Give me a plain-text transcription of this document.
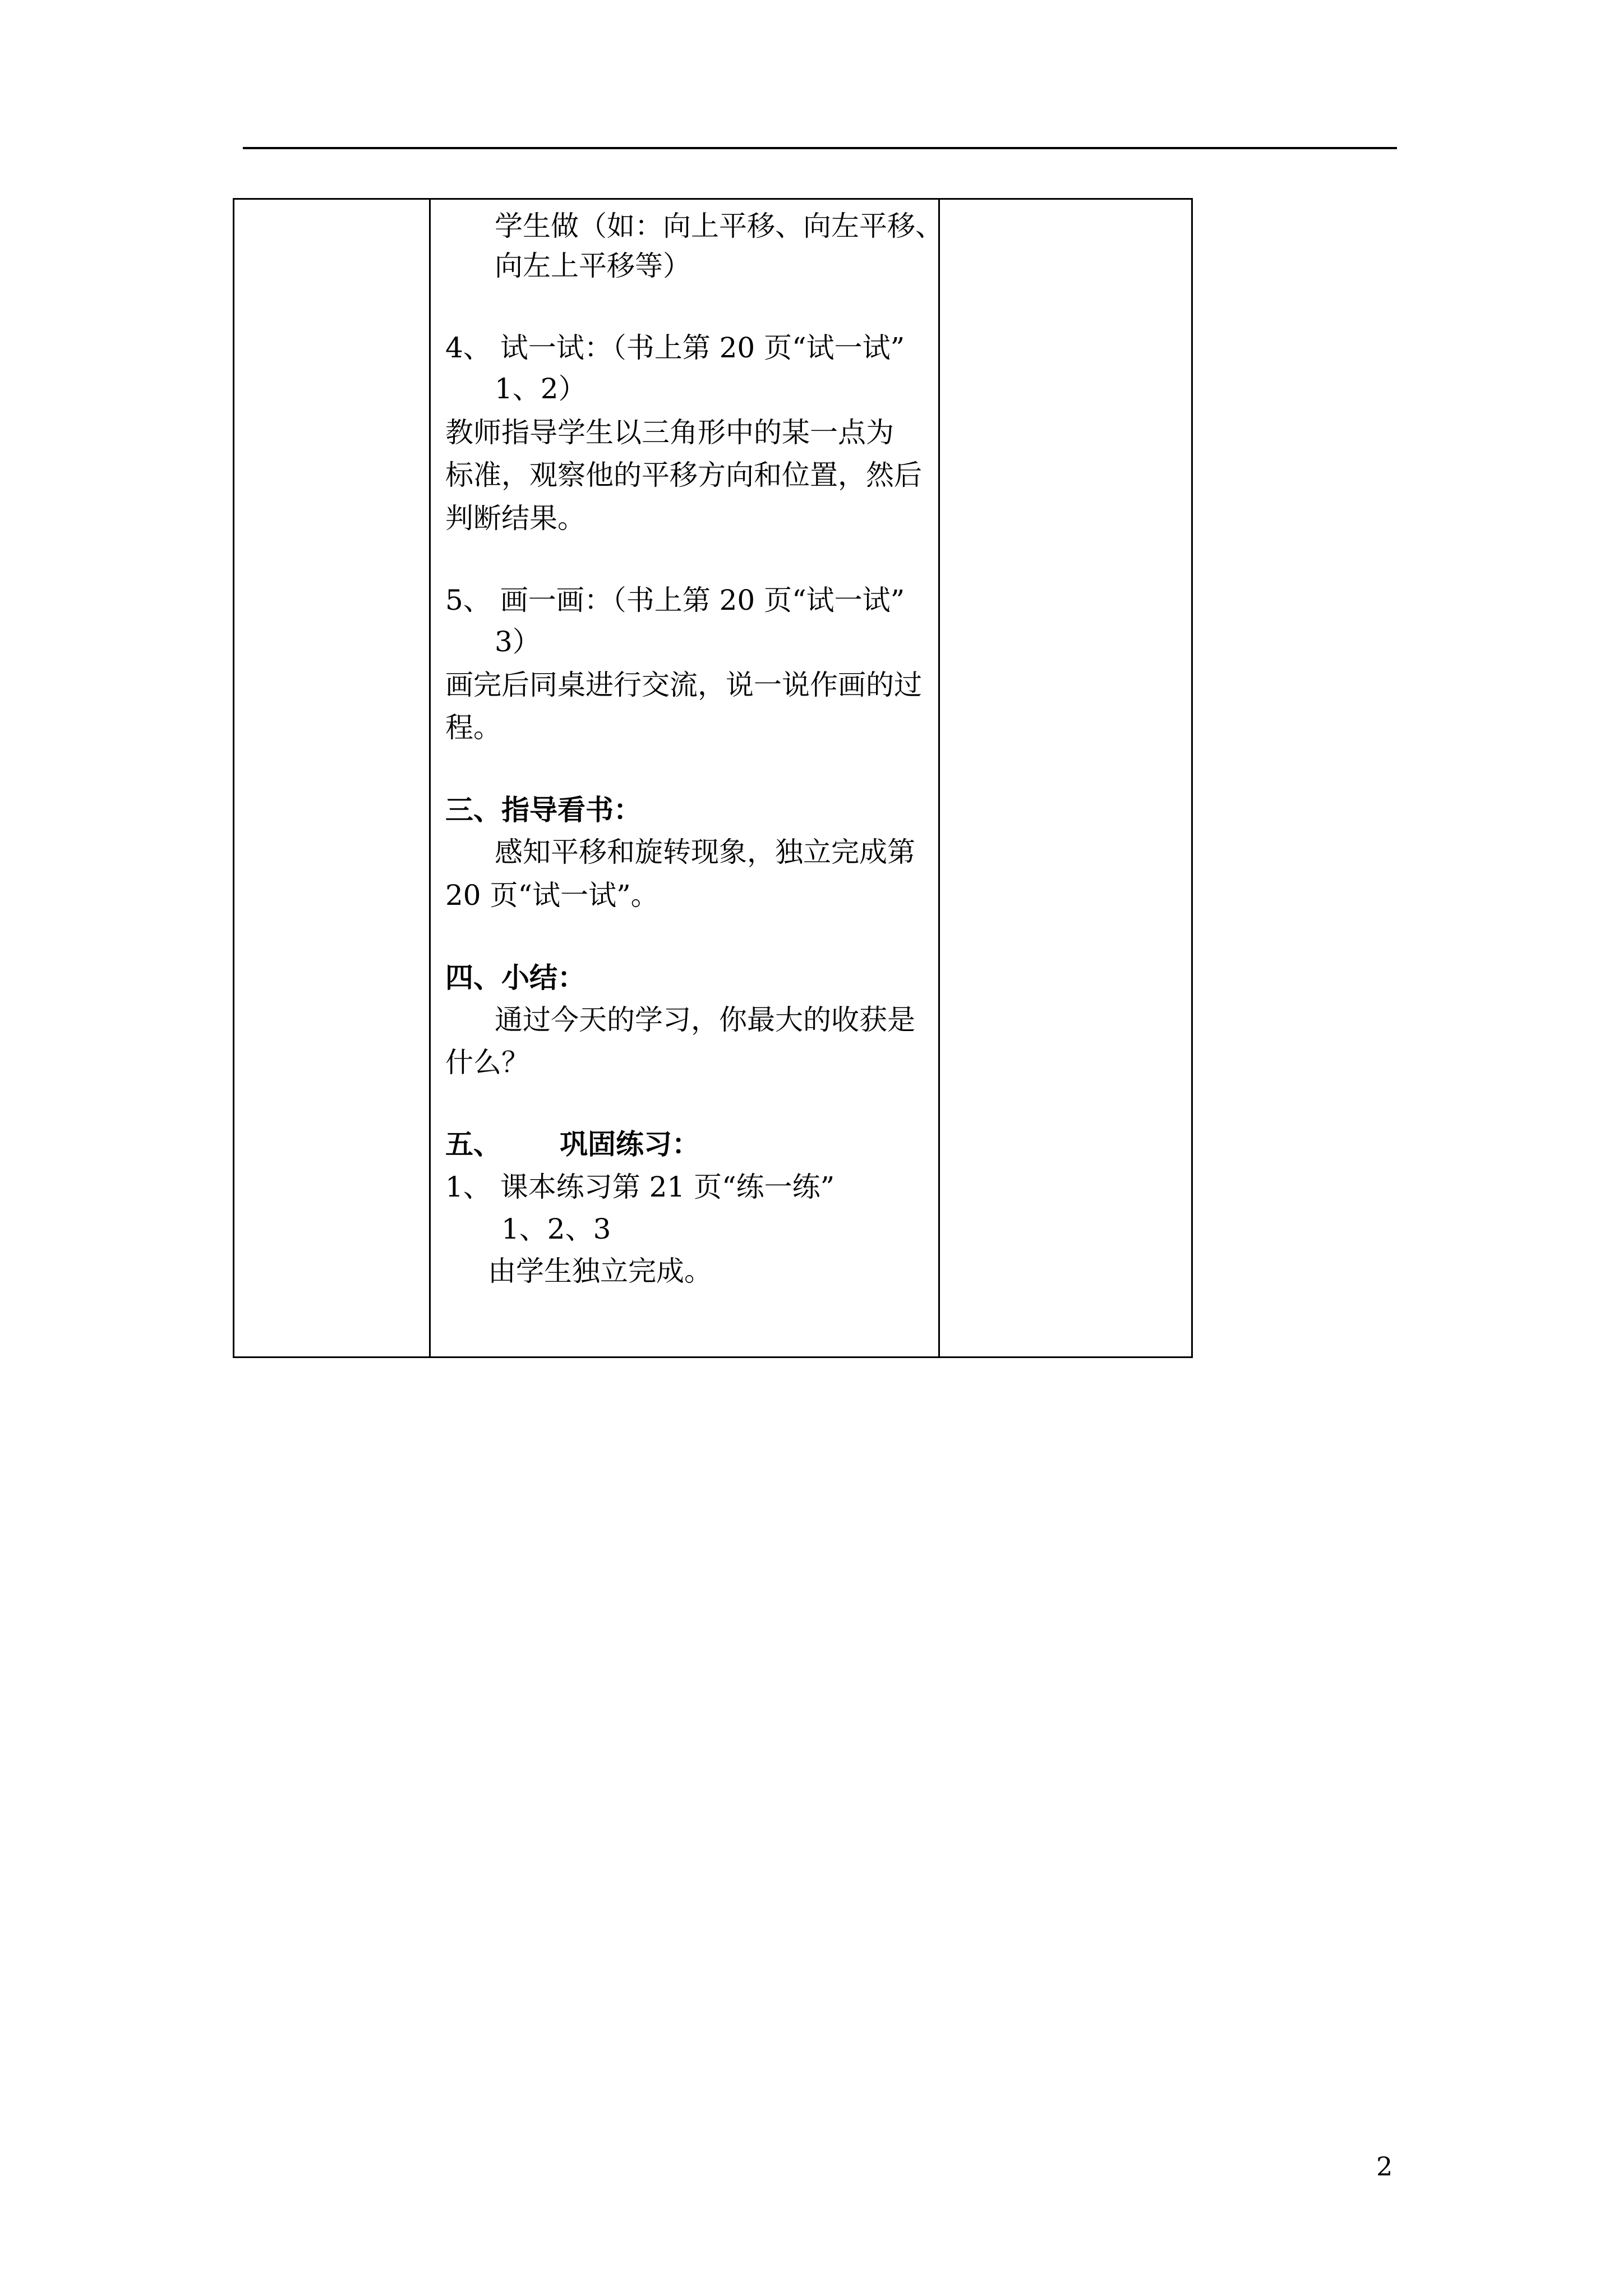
学生做（如：向上平移、向左平移、
向左上平移等）
4、 试一试：（书上第 20 页“试一试”
1、2）
教师指导学生以三角形中的某一点为
标准，观察他的平移方向和位置，然后
判断结果。
5、 画一画：（书上第 20 页“试一试”
3）
画完后同桌进行交流，说一说作画的过
程。
三、指导看书：
感知平移和旋转现象，独立完成第
20 页“试一试”。
四、小结：
通过今天的学习，你最大的收获是
什么？
五、 巩固练习：
1、 课本练习第 21 页“练一练”
1、2、3
由学生独立完成。
2
